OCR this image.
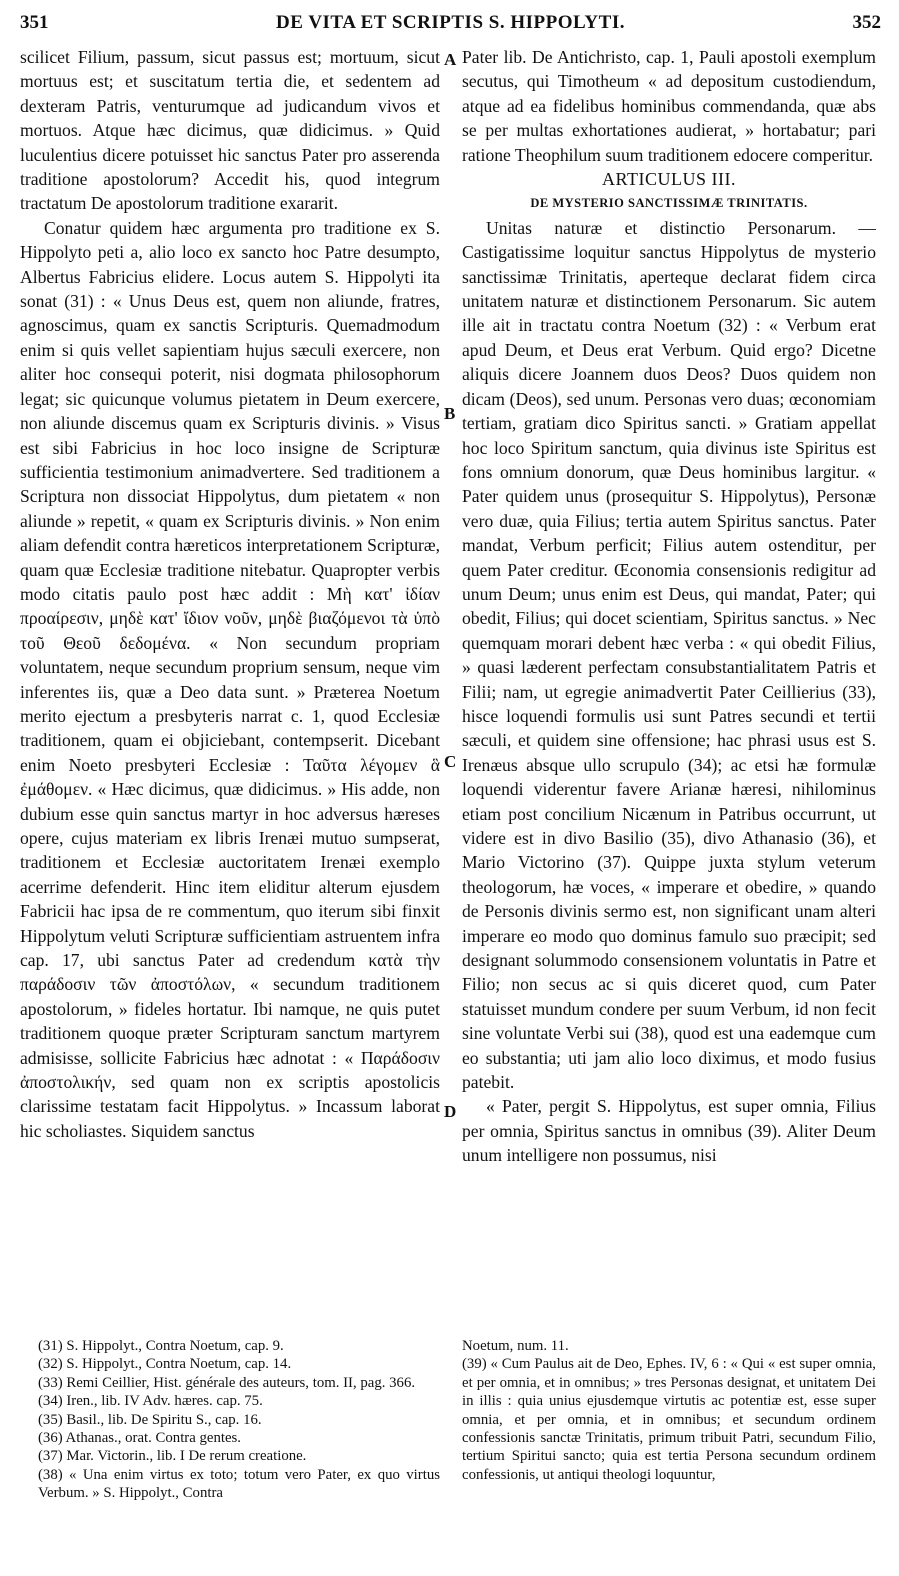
351	DE VITA ET SCRIPTIS S. HIPPOLYTI.	352
A
B
C
D

scilicet Filium, passum, sicut passus est; mortuum, sicut mortuus est; et suscitatum tertia die, et sedentem ad dexteram Patris, venturumque ad judicandum vivos et mortuos. Atque hæc dicimus, quæ didicimus. » Quid luculentius dicere potuisset hic sanctus Pater pro asserenda traditione apostolorum? Accedit his, quod integrum tractatum De apostolorum traditione exararit.

Conatur quidem hæc argumenta pro traditione ex S. Hippolyto peti a, alio loco ex sancto hoc Patre desumpto, Albertus Fabricius elidere. Locus autem S. Hippolyti ita sonat (31) : « Unus Deus est, quem non aliunde, fratres, agnoscimus, quam ex sanctis Scripturis. Quemadmodum enim si quis vellet sapientiam hujus sæculi exercere, non aliter hoc consequi poterit, nisi dogmata philosophorum legat; sic quicunque volumus pietatem in Deum exercere, non aliunde discemus quam ex Scripturis divinis. » Visus est sibi Fabricius in hoc loco insigne de Scripturæ sufficientia testimonium animadvertere. Sed traditionem a Scriptura non dissociat Hippolytus, dum pietatem « non aliunde » repetit, « quam ex Scripturis divinis. » Non enim aliam defendit contra hæreticos interpretationem Scripturæ, quam quæ Ecclesiæ traditione nitebatur. Quapropter verbis modo citatis paulo post hæc addit : Μὴ κατ' ἰδίαν προαίρεσιν, μηδὲ κατ' ἴδιον νοῦν, μηδὲ βιαζόμενοι τὰ ὑπὸ τοῦ Θεοῦ δεδομένα. « Non secundum propriam voluntatem, neque secundum proprium sensum, neque vim inferentes iis, quæ a Deo data sunt. » Præterea Noetum merito ejectum a presbyteris narrat c. 1, quod Ecclesiæ traditionem, quam ei objiciebant, contempserit. Dicebant enim Noeto presbyteri Ecclesiæ : Ταῦτα λέγομεν ἃ ἐμάθομεν. « Hæc dicimus, quæ didicimus. » His adde, non dubium esse quin sanctus martyr in hoc adversus hæreses opere, cujus materiam ex libris Irenæi mutuo sumpserat, traditionem et Ecclesiæ auctoritatem Irenæi exemplo acerrime defenderit. Hinc item eliditur alterum ejusdem Fabricii hac ipsa de re commentum, quo iterum sibi finxit Hippolytum veluti Scripturæ sufficientiam astruentem infra cap. 17, ubi sanctus Pater ad credendum κατὰ τὴν παράδοσιν τῶν ἀποστόλων, « secundum traditionem apostolorum, » fideles hortatur. Ibi namque, ne quis putet traditionem quoque præter Scripturam sanctum martyrem admisisse, sollicite Fabricius hæc adnotat : « Παράδοσιν ἀποστολικήν, sed quam non ex scriptis apostolicis clarissime testatam facit Hippolytus. » Incassum laborat hic scholiastes. Siquidem sanctus

Pater lib. De Antichristo, cap. 1, Pauli apostoli exemplum secutus, qui Timotheum « ad depositum custodiendum, atque ad ea fidelibus hominibus commendanda, quæ abs se per multas exhortationes audierat, » hortabatur; pari ratione Theophilum suum traditionem edocere comperitur.

ARTICULUS III.

DE MYSTERIO SANCTISSIMÆ TRINITATIS.

Unitas naturæ et distinctio Personarum. — Castigatissime loquitur sanctus Hippolytus de mysterio sanctissimæ Trinitatis, aperteque declarat fidem circa unitatem naturæ et distinctionem Personarum. Sic autem ille ait in tractatu contra Noetum (32) : « Verbum erat apud Deum, et Deus erat Verbum. Quid ergo? Dicetne aliquis dicere Joannem duos Deos? Duos quidem non dicam (Deos), sed unum. Personas vero duas; œconomiam tertiam, gratiam dico Spiritus sancti. » Gratiam appellat hoc loco Spiritum sanctum, quia divinus iste Spiritus est fons omnium donorum, quæ Deus hominibus largitur. « Pater quidem unus (prosequitur S. Hippolytus), Personæ vero duæ, quia Filius; tertia autem Spiritus sanctus. Pater mandat, Verbum perficit; Filius autem ostenditur, per quem Pater creditur. Œconomia consensionis redigitur ad unum Deum; unus enim est Deus, qui mandat, Pater; qui obedit, Filius; qui docet scientiam, Spiritus sanctus. » Nec quemquam morari debent hæc verba : « qui obedit Filius, » quasi læderent perfectam consubstantialitatem Patris et Filii; nam, ut egregie animadvertit Pater Ceillierius (33), hisce loquendi formulis usi sunt Patres secundi et tertii sæculi, et quidem sine offensione; hac phrasi usus est S. Irenæus absque ullo scrupulo (34); ac etsi hæ formulæ loquendi viderentur favere Arianæ hæresi, nihilominus etiam post concilium Nicænum in Patribus occurrunt, ut videre est in divo Basilio (35), divo Athanasio (36), et Mario Victorino (37). Quippe juxta stylum veterum theologorum, hæ voces, « imperare et obedire, » quando de Personis divinis sermo est, non significant unam alteri imperare eo modo quo dominus famulo suo præcipit; sed designant solummodo consensionem voluntatis in Patre et Filio; non secus ac si quis diceret quod, cum Pater statuisset mundum condere per suum Verbum, id non fecit sine voluntate Verbi sui (38), quod est una eademque cum eo substantia; uti jam alio loco diximus, et modo fusius patebit.

« Pater, pergit S. Hippolytus, est super omnia, Filius per omnia, Spiritus sanctus in omnibus (39). Aliter Deum unum intelligere non possumus, nisi

(31) S. Hippolyt., Contra Noetum, cap. 9.

(32) S. Hippolyt., Contra Noetum, cap. 14.

(33) Remi Ceillier, Hist. générale des auteurs, tom. II, pag. 366.

(34) Iren., lib. IV Adv. hæres. cap. 75.

(35) Basil., lib. De Spiritu S., cap. 16.

(36) Athanas., orat. Contra gentes.

(37) Mar. Victorin., lib. I De rerum creatione.

(38) « Una enim virtus ex toto; totum vero Pater, ex quo virtus Verbum. » S. Hippolyt., Contra

Noetum, num. 11.

(39) « Cum Paulus ait de Deo, Ephes. IV, 6 : « Qui « est super omnia, et per omnia, et in omnibus; » tres Personas designat, et unitatem Dei in illis : quia unius ejusdemque virtutis ac potentiæ est, esse super omnia, et per omnia, et in omnibus; et secundum ordinem confessionis sanctæ Trinitatis, primum tribuit Patri, secundum Filio, tertium Spiritui sancto; quia est tertia Persona secundum ordinem confessionis, ut antiqui theologi loquuntur,
